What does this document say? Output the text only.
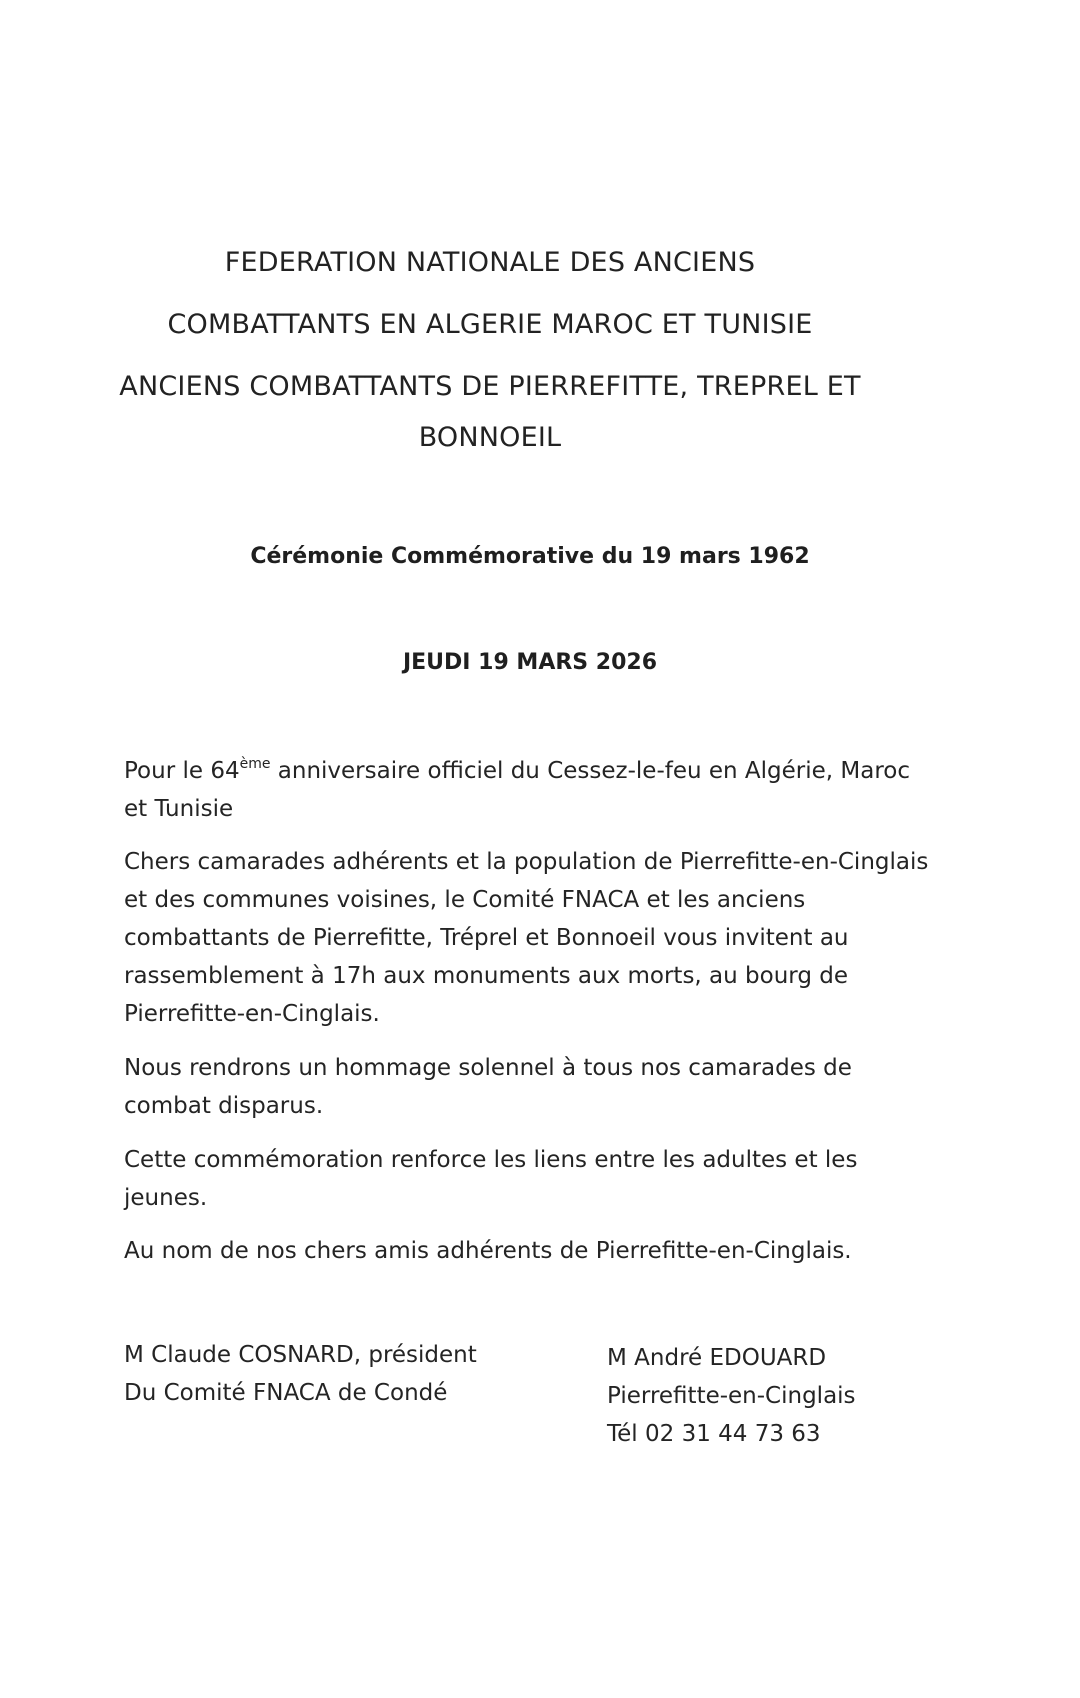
FEDERATION NATIONALE DES ANCIENS
COMBATTANTS EN ALGERIE MAROC ET TUNISIE
ANCIENS COMBATTANTS DE PIERREFITTE, TREPREL ET
BONNOEIL
Cérémonie Commémorative du 19 mars 1962
JEUDI 19 MARS 2026
Pour le 64ème anniversaire officiel du Cessez-le-feu en Algérie, Maroc
et Tunisie
Chers camarades adhérents et la population de Pierrefitte-en-Cinglais
et des communes voisines, le Comité FNACA et les anciens
combattants de Pierrefitte, Tréprel et Bonnoeil vous invitent au
rassemblement à 17h aux monuments aux morts, au bourg de
Pierrefitte-en-Cinglais.
Nous rendrons un hommage solennel à tous nos camarades de
combat disparus.
Cette commémoration renforce les liens entre les adultes et les
jeunes.
Au nom de nos chers amis adhérents de Pierrefitte-en-Cinglais.
M Claude COSNARD, président
Du Comité FNACA de Condé
M André EDOUARD
Pierrefitte-en-Cinglais
Tél 02 31 44 73 63
